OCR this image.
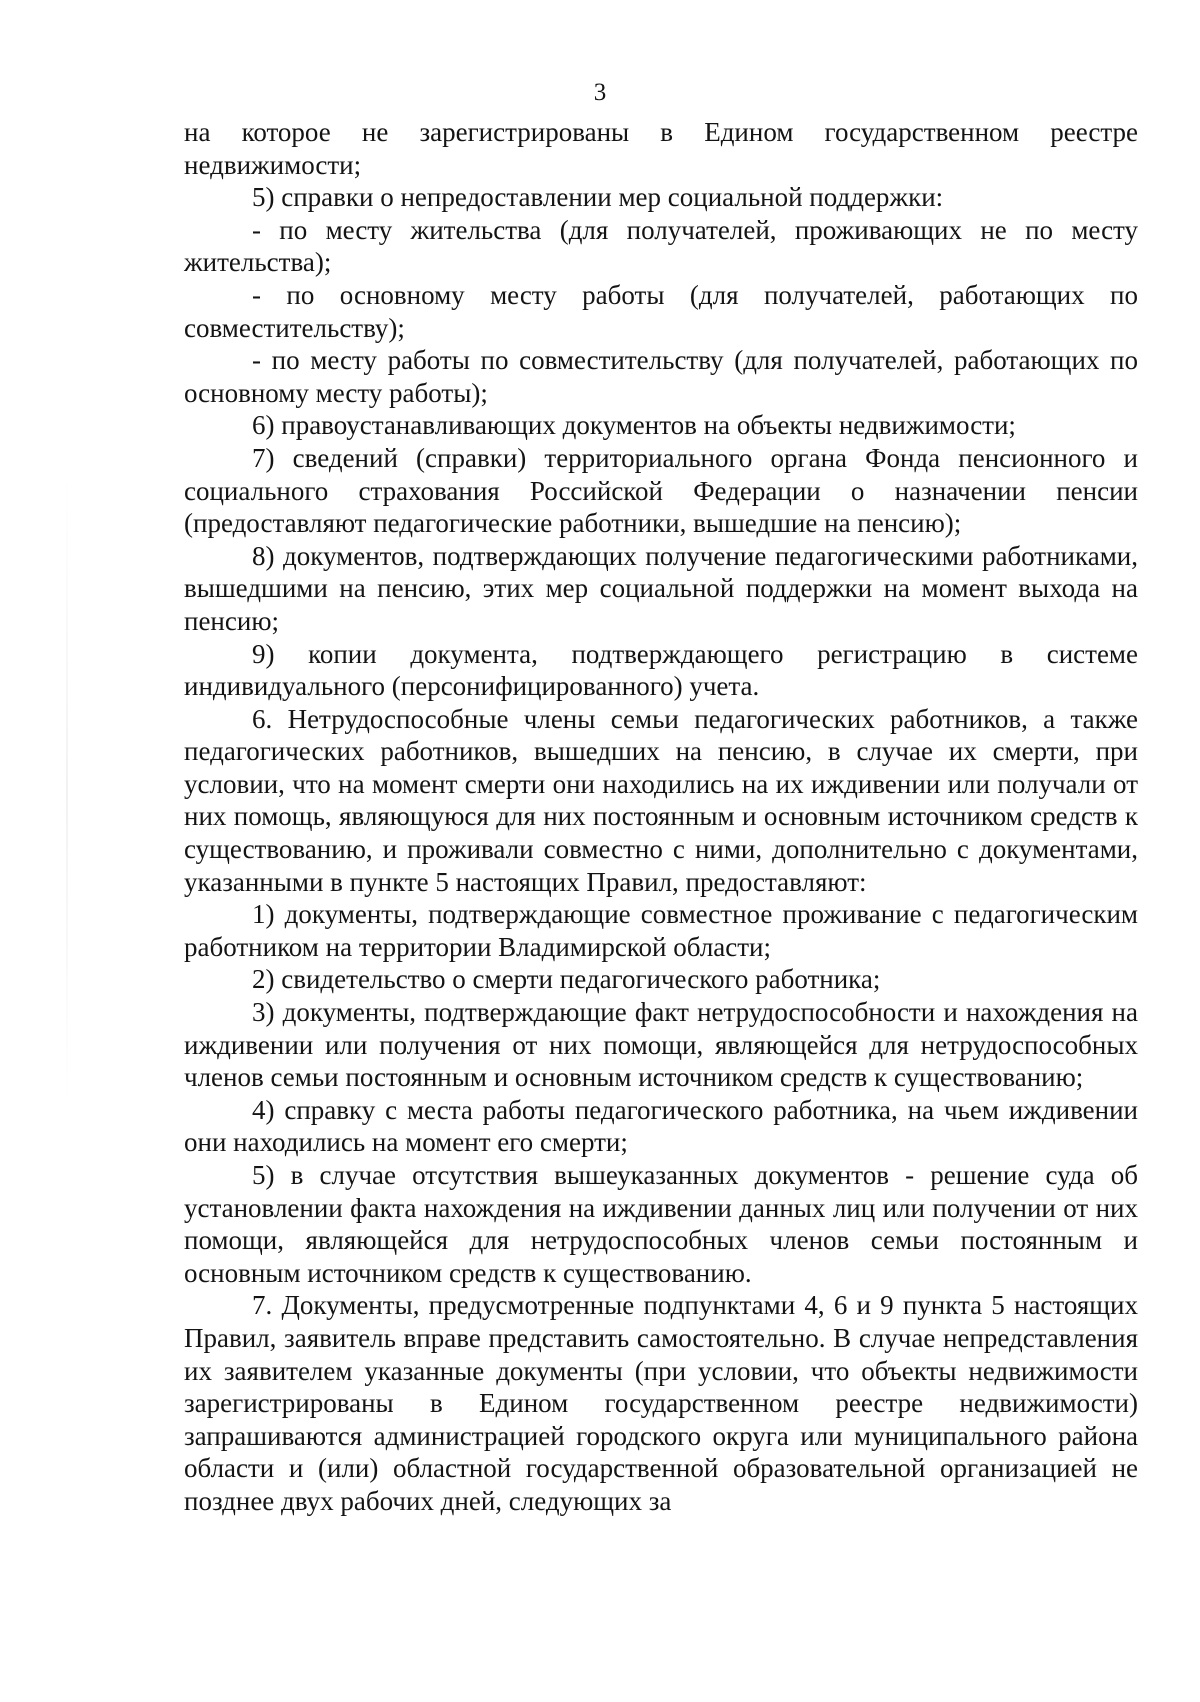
3

на которое не зарегистрированы в Едином государственном реестре недвижимости;

5) справки о непредоставлении мер социальной поддержки:

- по месту жительства (для получателей, проживающих не по месту жительства);

- по основному месту работы (для получателей, работающих по совместительству);

- по месту работы по совместительству (для получателей, работающих по основному месту работы);

6) правоустанавливающих документов на объекты недвижимости;

7) сведений (справки) территориального органа Фонда пенсионного и социального страхования Российской Федерации о назначении пенсии (предоставляют педагогические работники, вышедшие на пенсию);

8) документов, подтверждающих получение педагогическими работниками, вышедшими на пенсию, этих мер социальной поддержки на момент выхода на пенсию;

9) копии документа, подтверждающего регистрацию в системе индивидуального (персонифицированного) учета.

6. Нетрудоспособные члены семьи педагогических работников, а также педагогических работников, вышедших на пенсию, в случае их смерти, при условии, что на момент смерти они находились на их иждивении или получали от них помощь, являющуюся для них постоянным и основным источником средств к существованию, и проживали совместно с ними, дополнительно с документами, указанными в пункте 5 настоящих Правил, предоставляют:

1) документы, подтверждающие совместное проживание с педагогическим работником на территории Владимирской области;

2) свидетельство о смерти педагогического работника;

3) документы, подтверждающие факт нетрудоспособности и нахождения на иждивении или получения от них помощи, являющейся для нетрудоспособных членов семьи постоянным и основным источником средств к существованию;

4) справку с места работы педагогического работника, на чьем иждивении они находились на момент его смерти;

5) в случае отсутствия вышеуказанных документов - решение суда об установлении факта нахождения на иждивении данных лиц или получении от них помощи, являющейся для нетрудоспособных членов семьи постоянным и основным источником средств к существованию.

7. Документы, предусмотренные подпунктами 4, 6 и 9 пункта 5 настоящих Правил, заявитель вправе представить самостоятельно. В случае непредставления их заявителем указанные документы (при условии, что объекты недвижимости зарегистрированы в Едином государственном реестре недвижимости) запрашиваются администрацией городского округа или муниципального района области и (или) областной государственной образовательной организацией не позднее двух рабочих дней, следующих за
